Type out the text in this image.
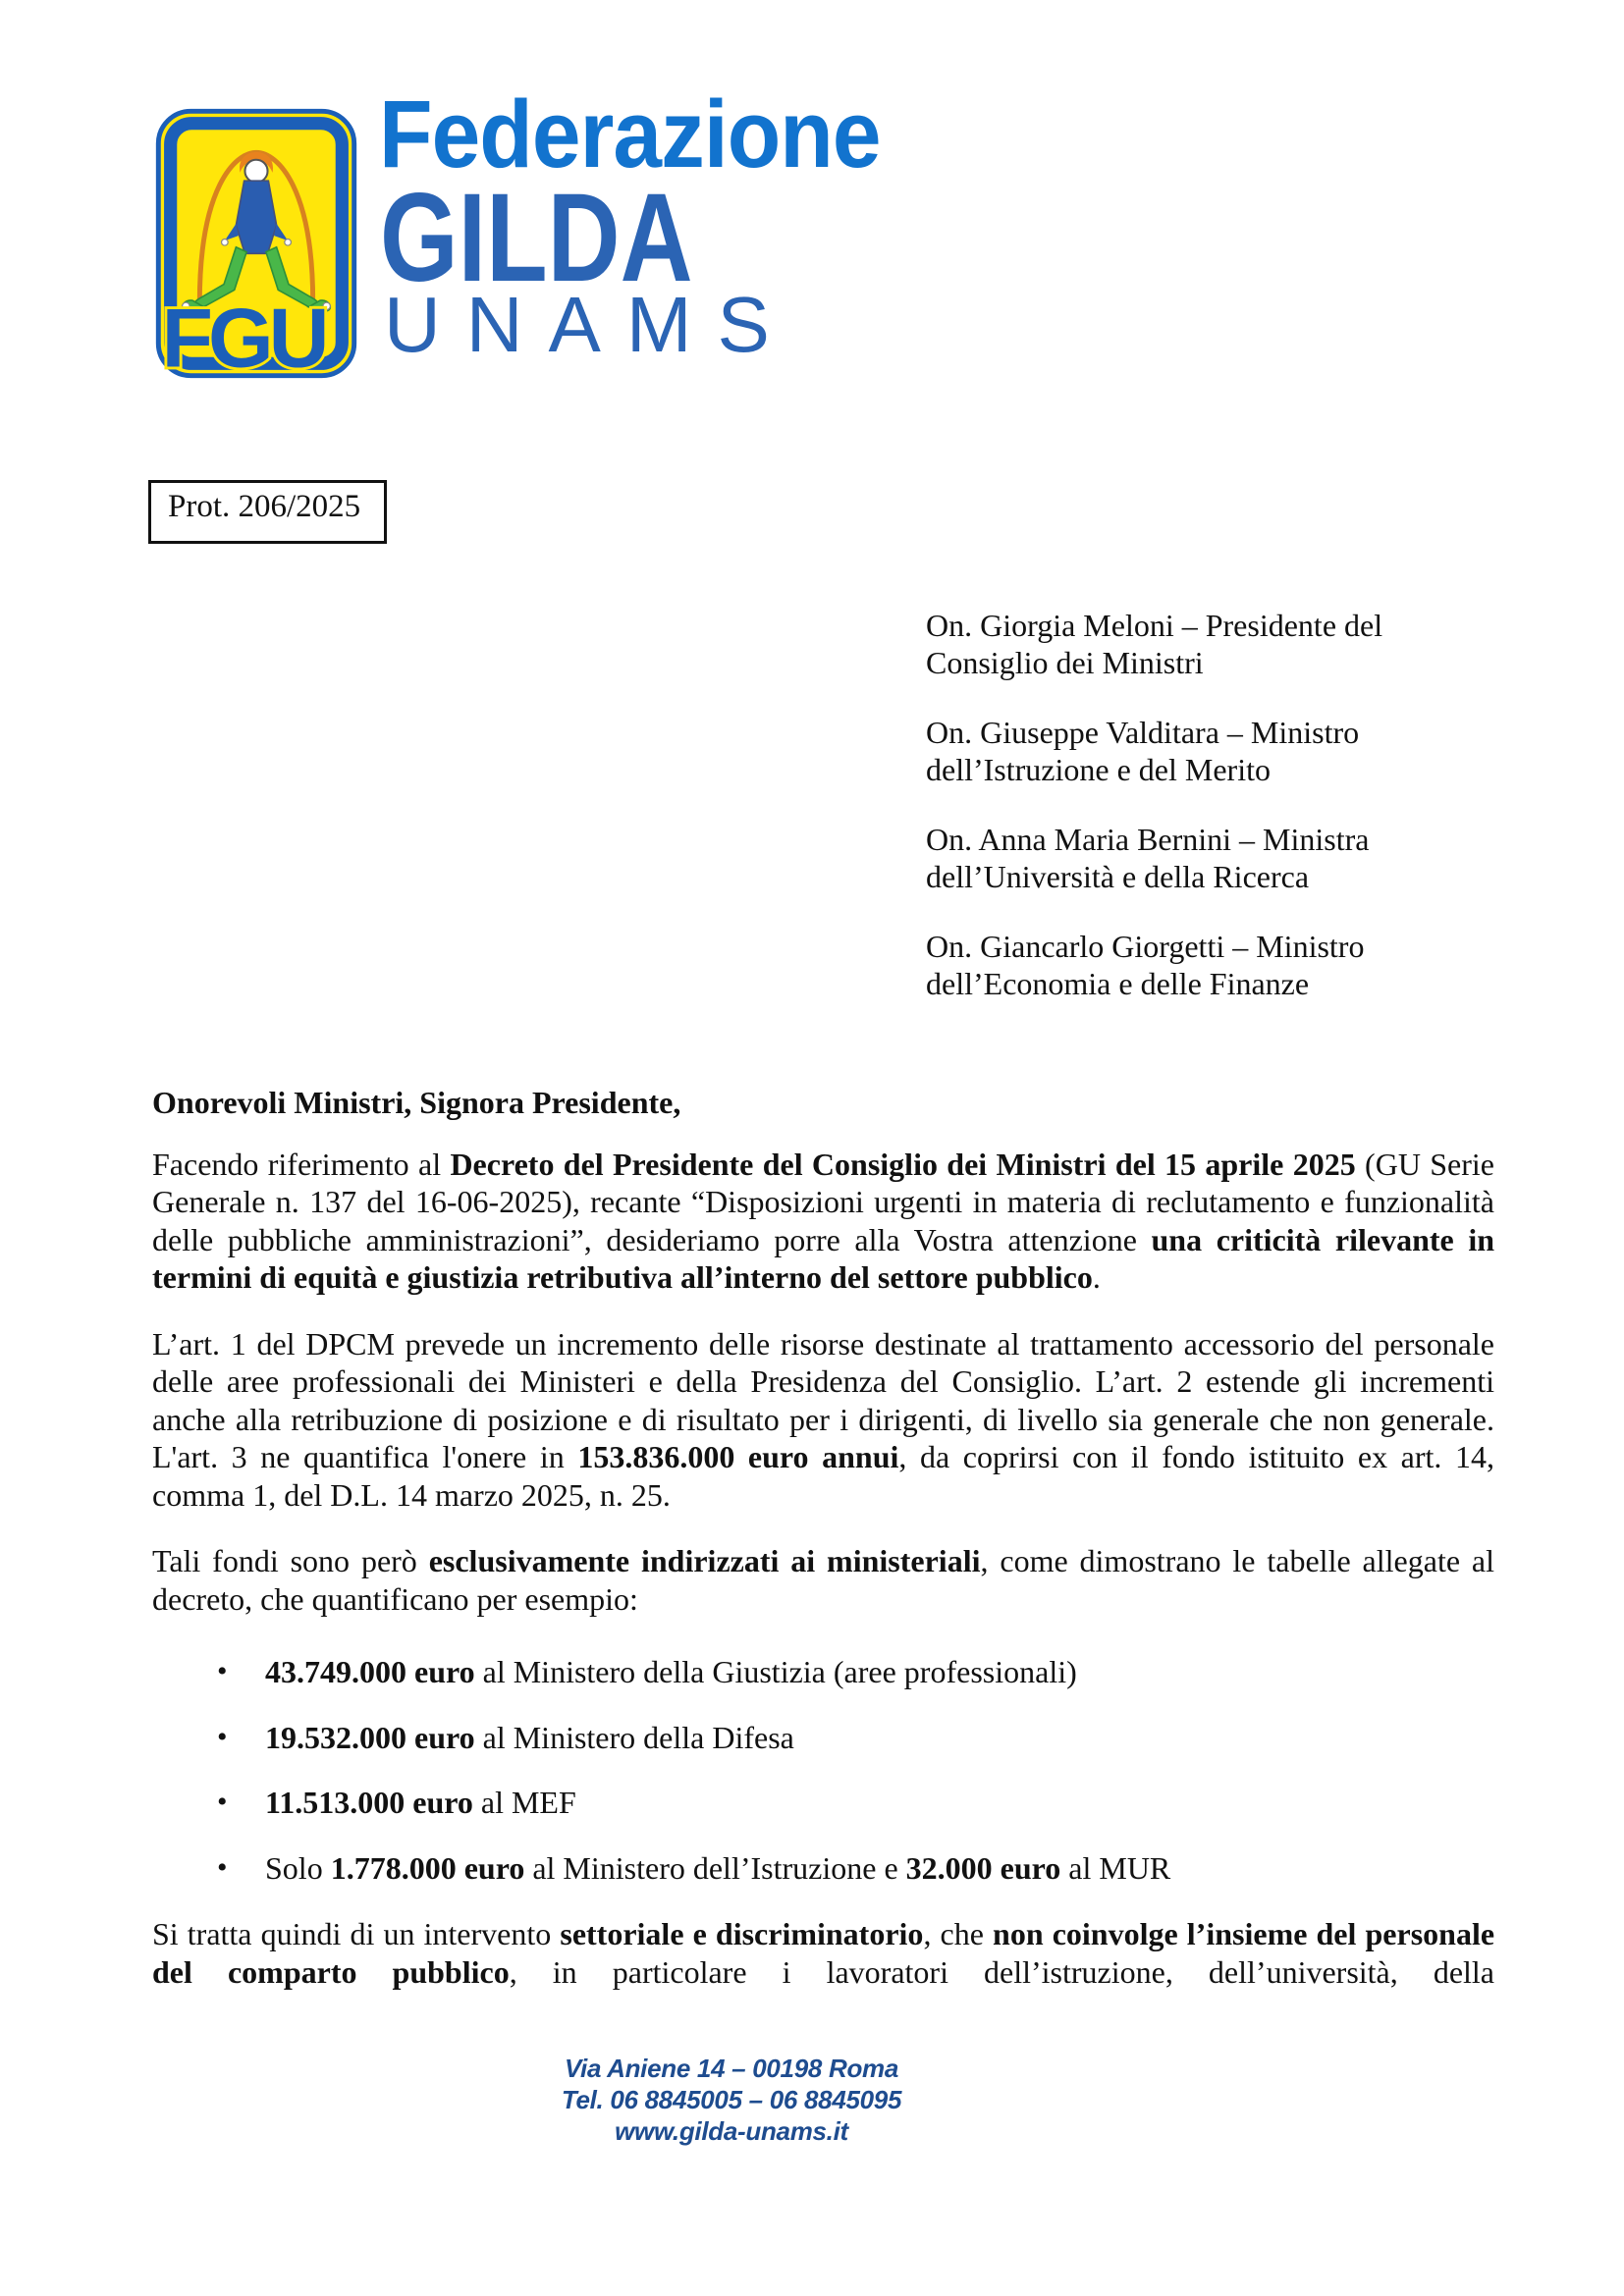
FGU
Federazione
GILDA
UNAMS
Prot. 206/2025
On. Giorgia Meloni – Presidente del
Consiglio dei Ministri
On. Giuseppe Valditara – Ministro
dell’Istruzione e del Merito
On. Anna Maria Bernini – Ministra
dell’Università e della Ricerca
On. Giancarlo Giorgetti – Ministro
dell’Economia e delle Finanze

Onorevoli Ministri, Signora Presidente,

Facendo riferimento al Decreto del Presidente del Consiglio dei Ministri del 15 aprile 2025 (GU Serie Generale n. 137 del 16-06-2025), recante “Disposizioni urgenti in materia di reclutamento e funzionalità delle pubbliche amministrazioni”, desideriamo porre alla Vostra attenzione una criticità rilevante in termini di equità e giustizia retributiva all’interno del settore pubblico.

L’art. 1 del DPCM prevede un incremento delle risorse destinate al trattamento accessorio del personale delle aree professionali dei Ministeri e della Presidenza del Consiglio. L’art. 2 estende gli incrementi anche alla retribuzione di posizione e di risultato per i dirigenti, di livello sia generale che non generale. L'art. 3 ne quantifica l'onere in 153.836.000 euro annui, da coprirsi con il fondo istituito ex art. 14, comma 1, del D.L. 14 marzo 2025, n. 25.

Tali fondi sono però esclusivamente indirizzati ai ministeriali, come dimostrano le tabelle allegate al decreto, che quantificano per esempio:

• 43.749.000 euro al Ministero della Giustizia (aree professionali)
• 19.532.000 euro al Ministero della Difesa
• 11.513.000 euro al MEF
• Solo 1.778.000 euro al Ministero dell’Istruzione e 32.000 euro al MUR

Si tratta quindi di un intervento settoriale e discriminatorio, che non coinvolge l’insieme del personale del comparto pubblico, in particolare i lavoratori dell’istruzione, dell’università, della

Via Aniene 14 – 00198 Roma
Tel. 06 8845005 – 06 8845095
www.gilda-unams.it
